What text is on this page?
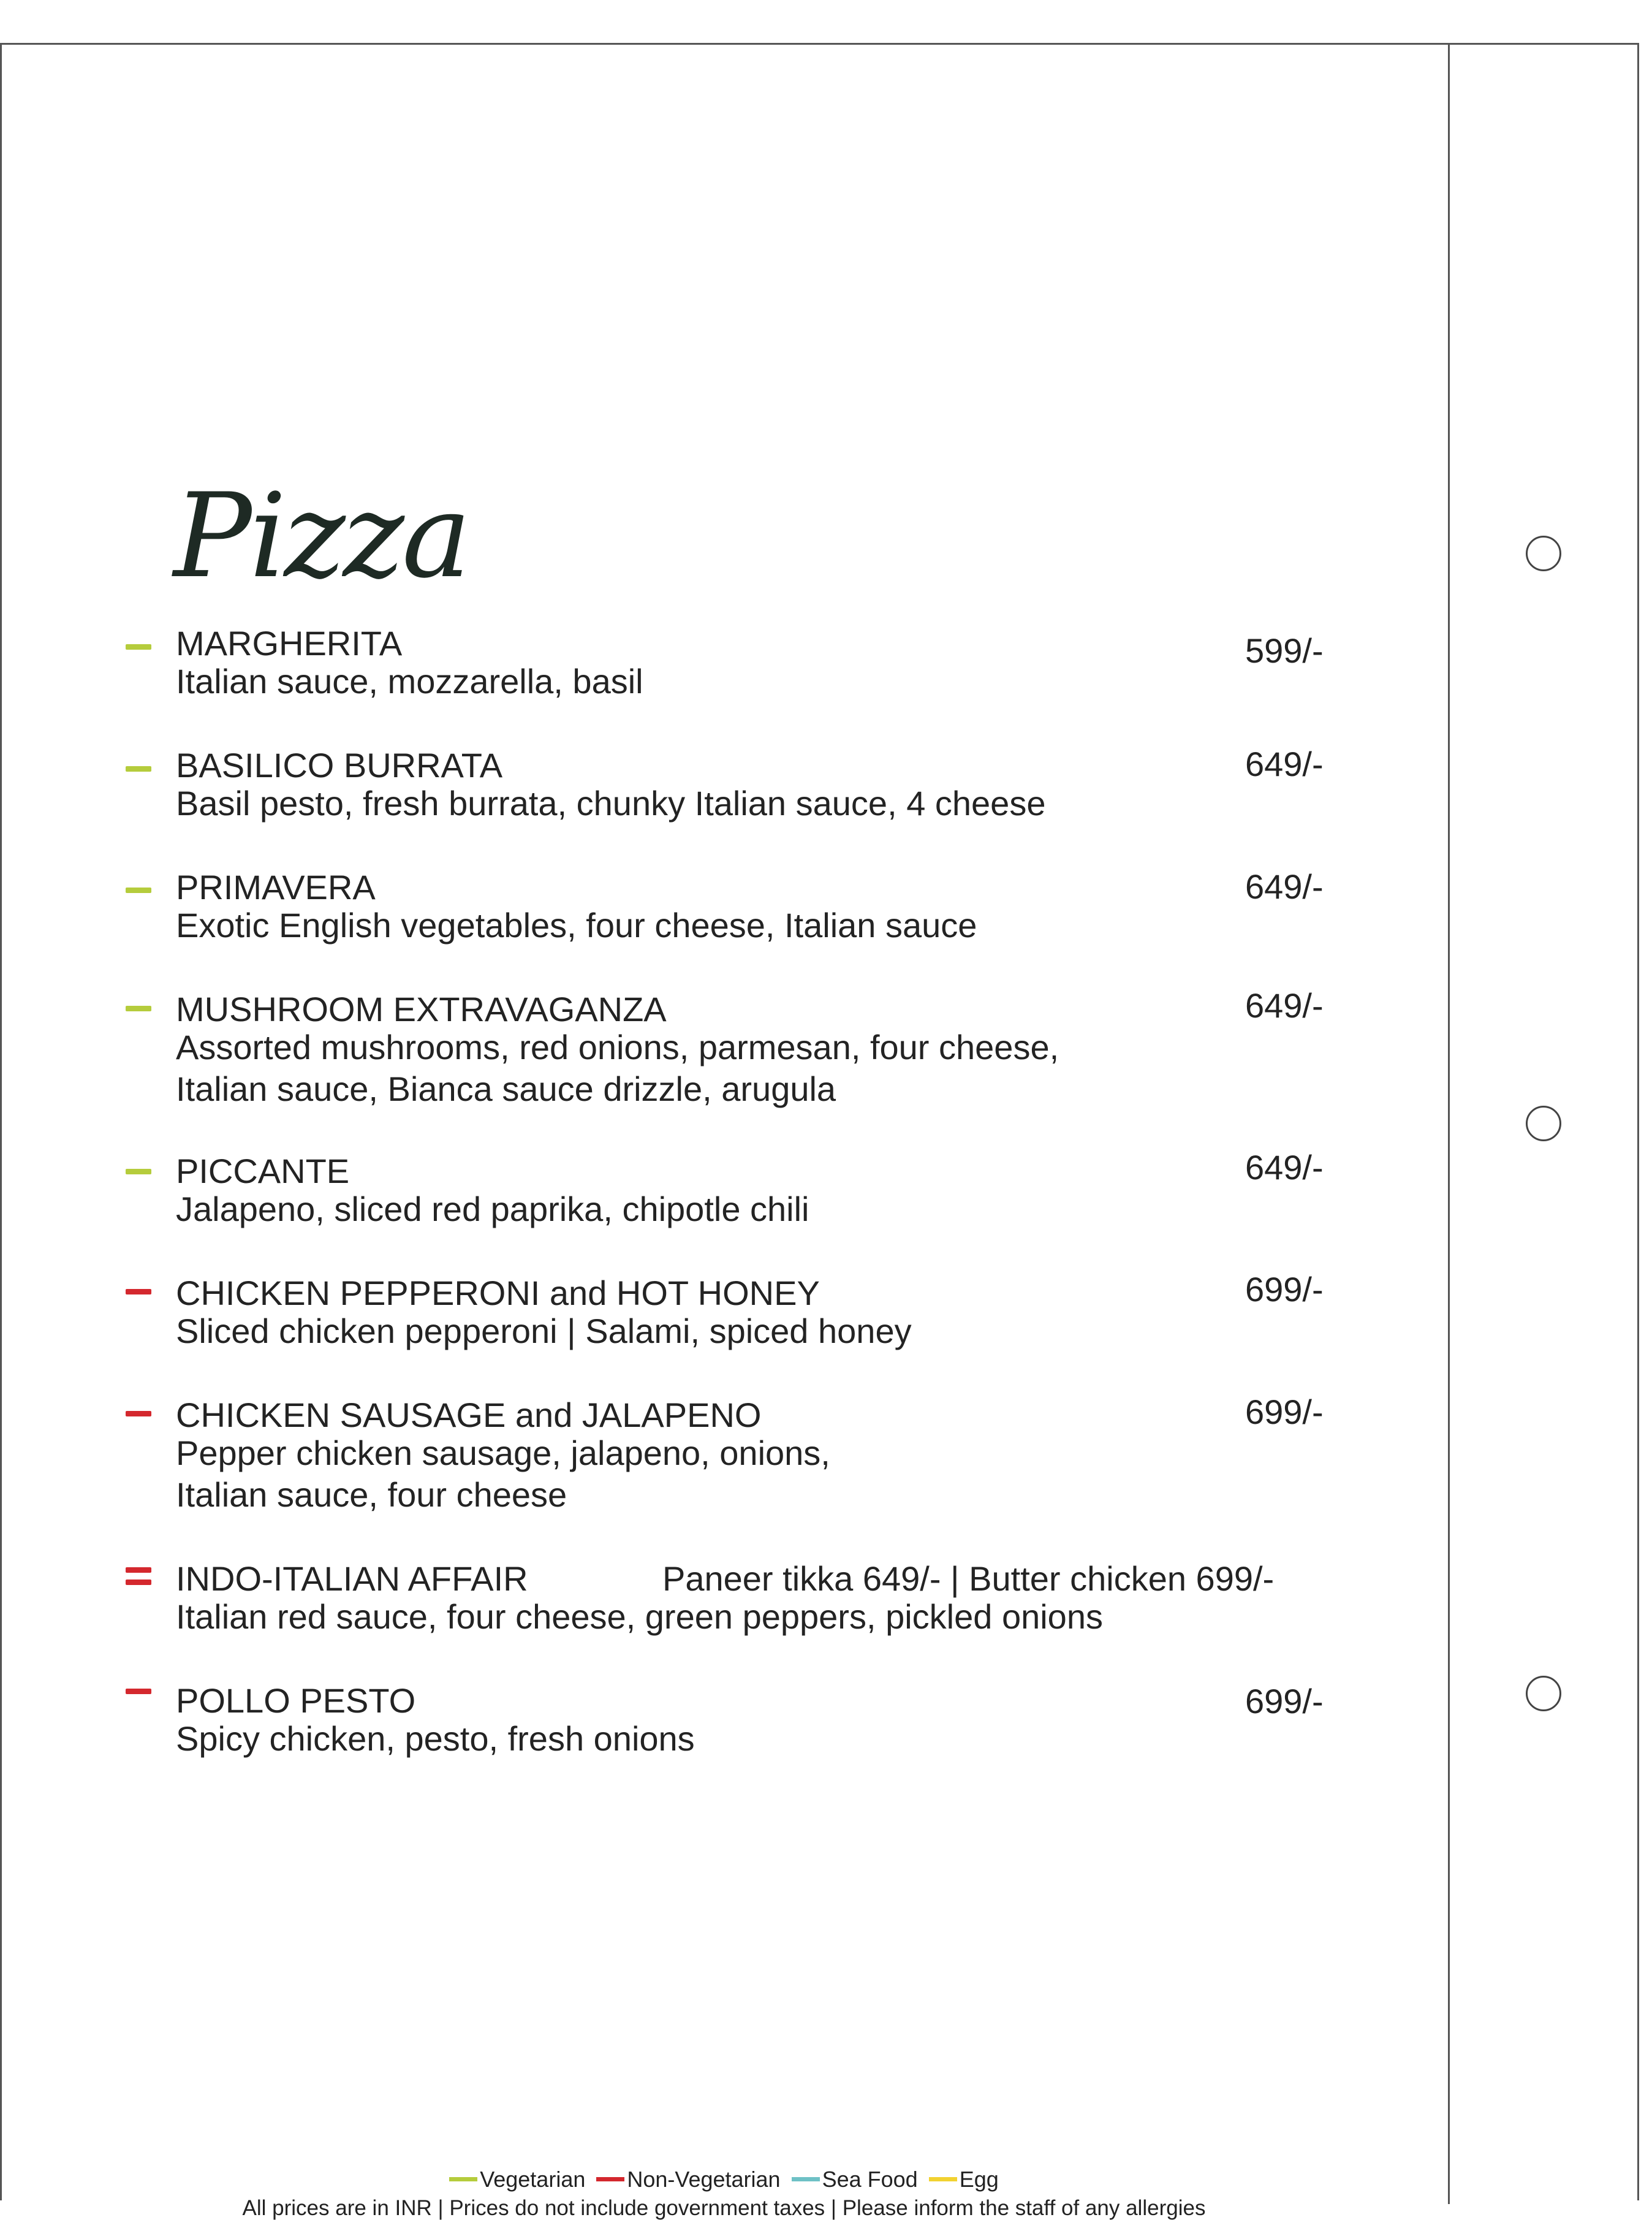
Pizza
MARGHERITA	599/-
Italian sauce, mozzarella, basil
BASILICO BURRATA	649/-
Basil pesto, fresh burrata, chunky Italian sauce, 4 cheese
PRIMAVERA	649/-
Exotic English vegetables, four cheese, Italian sauce
MUSHROOM EXTRAVAGANZA	649/-
Assorted mushrooms, red onions, parmesan, four cheese,
Italian sauce, Bianca sauce drizzle, arugula
PICCANTE	649/-
Jalapeno, sliced red paprika, chipotle chili
CHICKEN PEPPERONI and HOT HONEY	699/-
Sliced chicken pepperoni | Salami, spiced honey
CHICKEN SAUSAGE and JALAPENO	699/-
Pepper chicken sausage, jalapeno, onions,
Italian sauce, four cheese
INDO-ITALIAN AFFAIR	Paneer tikka 649/- | Butter chicken 699/-
Italian red sauce, four cheese, green peppers, pickled onions
POLLO PESTO	699/-
Spicy chicken, pesto, fresh onions
Vegetarian Non-Vegetarian Sea Food Egg
All prices are in INR | Prices do not include government taxes | Please inform the staff of any allergies
